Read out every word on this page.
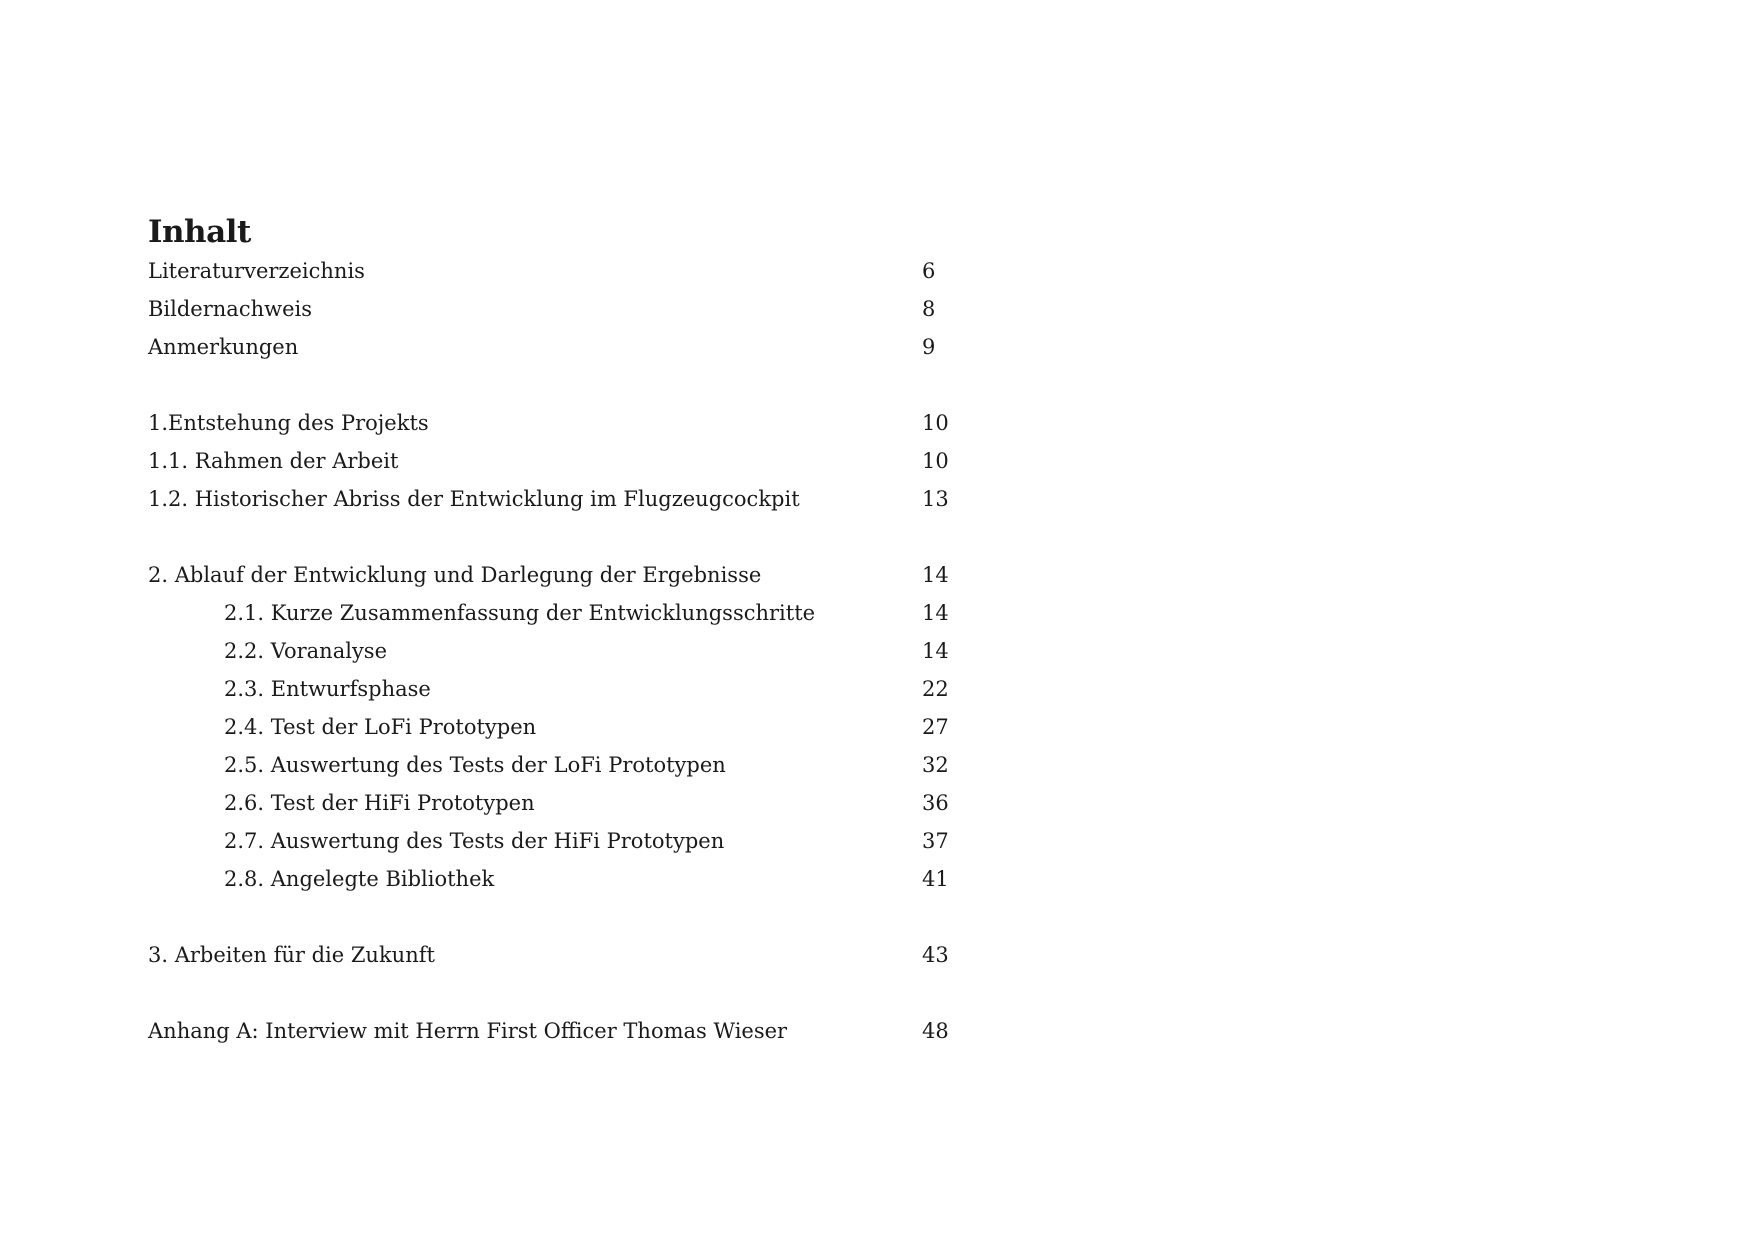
Inhalt
Literaturverzeichnis	6
Bildernachweis	8
Anmerkungen	9
1.Entstehung des Projekts	10
1.1. Rahmen der Arbeit	10
1.2. Historischer Abriss der Entwicklung im Flugzeugcockpit	13
2. Ablauf der Entwicklung und Darlegung der Ergebnisse	14
2.1. Kurze Zusammenfassung der Entwicklungsschritte	14
2.2. Voranalyse	14
2.3. Entwurfsphase	22
2.4. Test der LoFi Prototypen	27
2.5. Auswertung des Tests der LoFi Prototypen	32
2.6. Test der HiFi Prototypen	36
2.7. Auswertung des Tests der HiFi Prototypen	37
2.8. Angelegte Bibliothek	41
3. Arbeiten für die Zukunft	43
Anhang A: Interview mit Herrn First Officer Thomas Wieser	48
